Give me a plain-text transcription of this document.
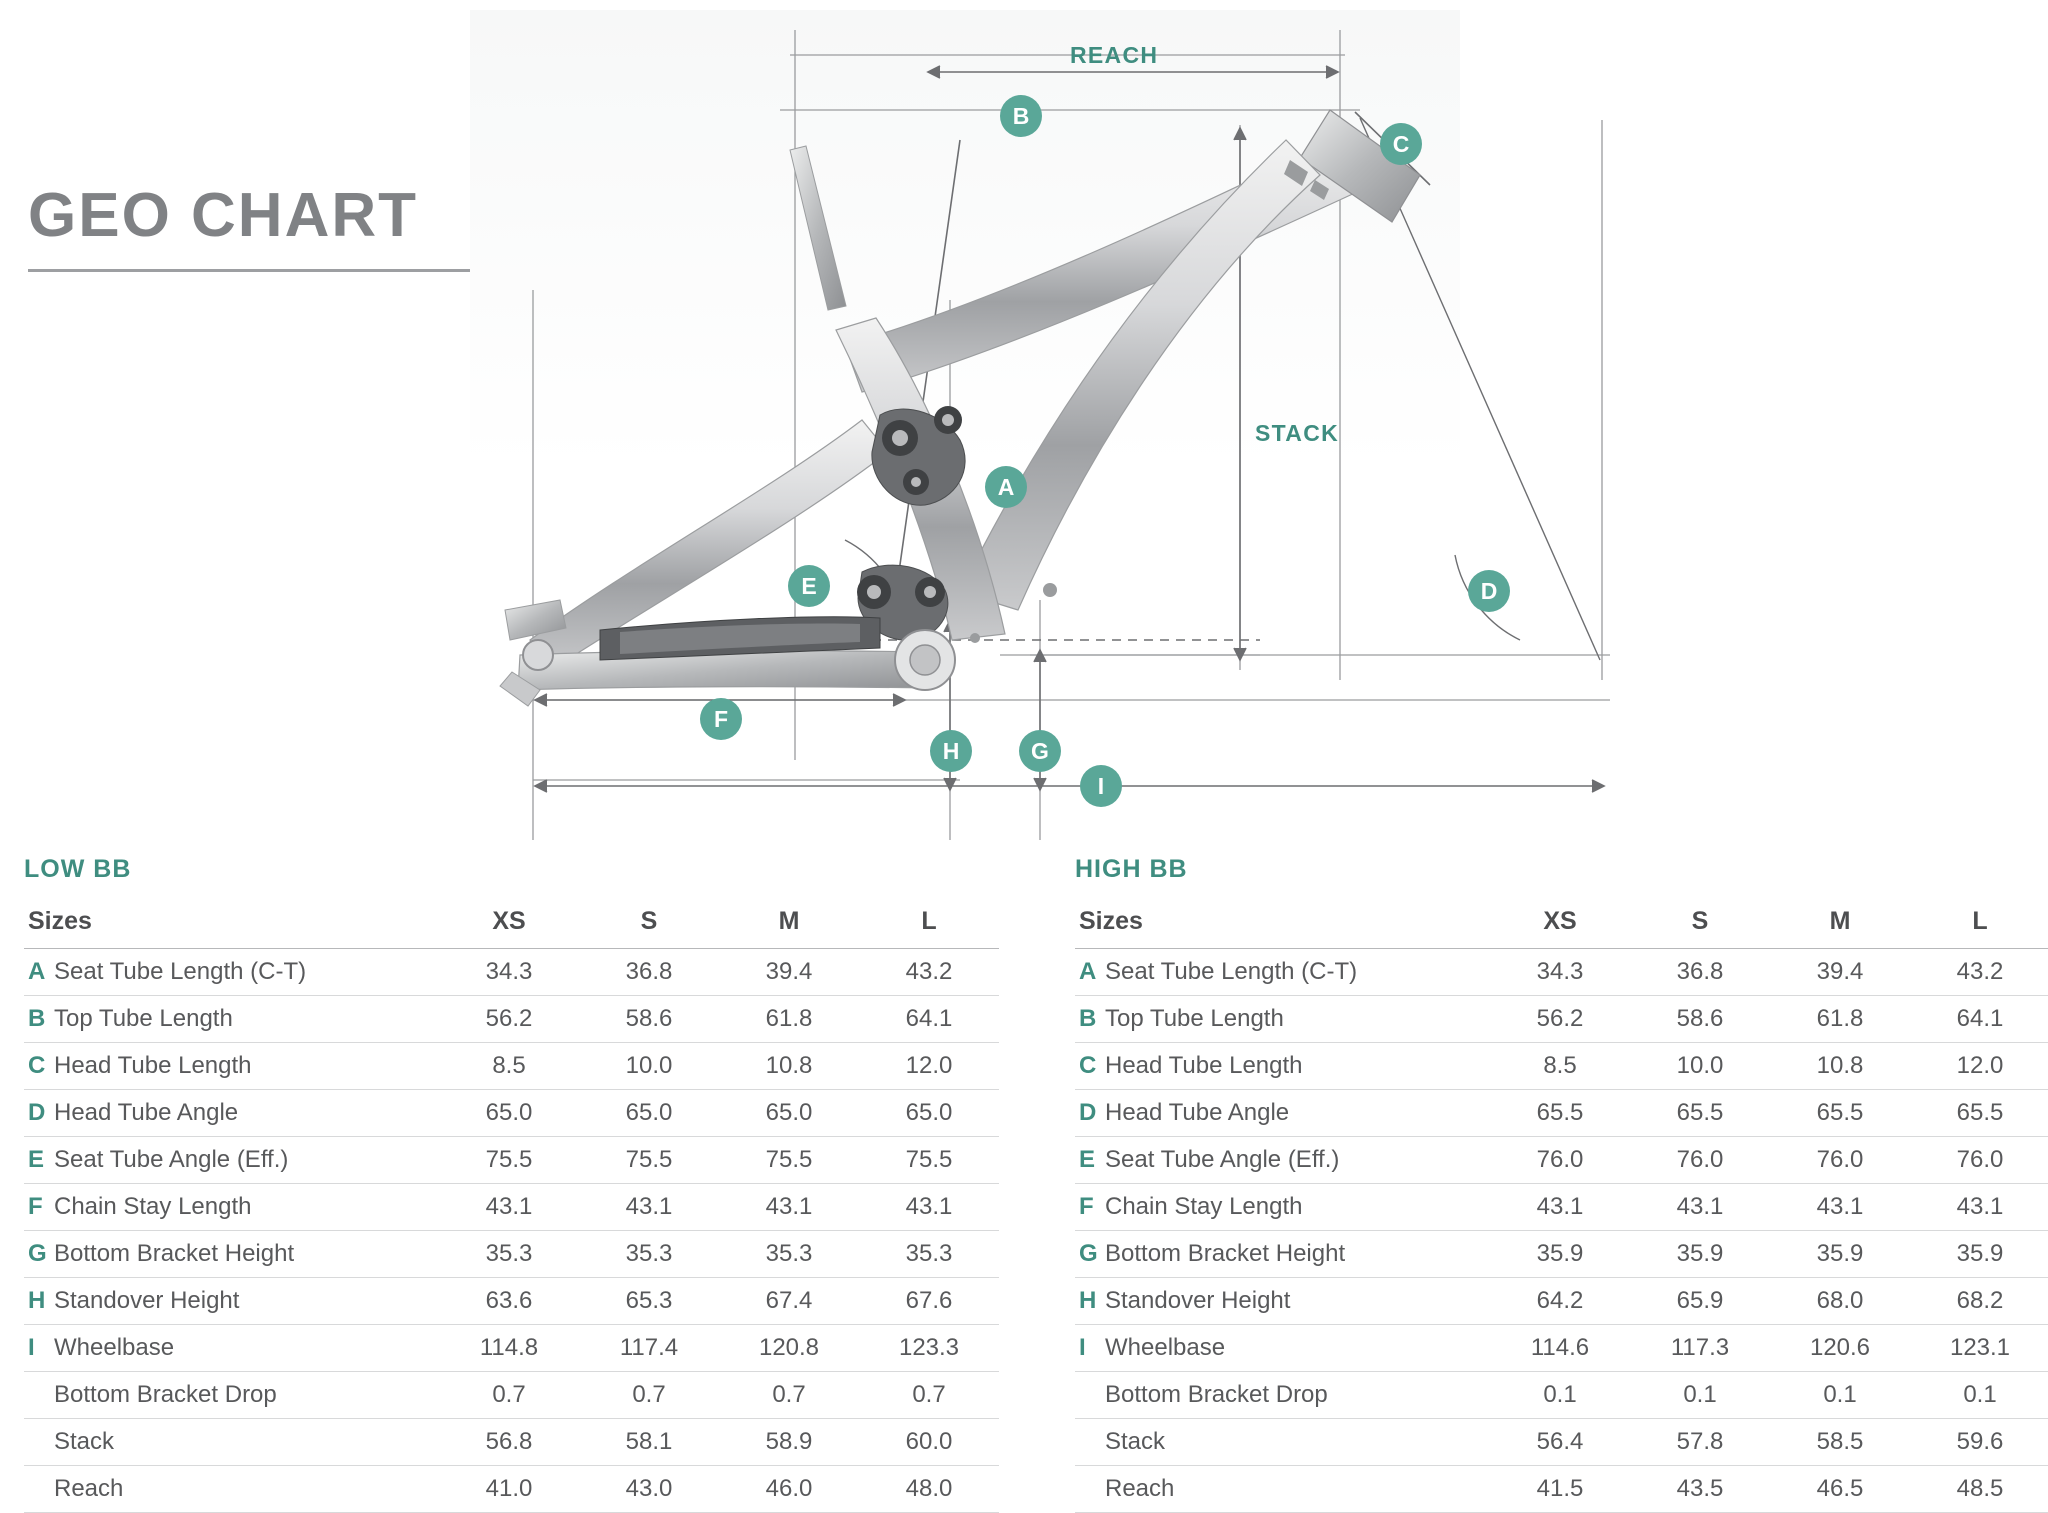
GEO CHART
REACH
STACK
B
C
A
D
E
F
G
H
I
LOW BB
Sizes	XS	S	M	L
A Seat Tube Length (C-T)	34.3	36.8	39.4	43.2
B Top Tube Length	56.2	58.6	61.8	64.1
C Head Tube Length	8.5	10.0	10.8	12.0
D Head Tube Angle	65.0	65.0	65.0	65.0
E Seat Tube Angle (Eff.)	75.5	75.5	75.5	75.5
F Chain Stay Length	43.1	43.1	43.1	43.1
G Bottom Bracket Height	35.3	35.3	35.3	35.3
H Standover Height	63.6	65.3	67.4	67.6
I Wheelbase	114.8	117.4	120.8	123.3
Bottom Bracket Drop	0.7	0.7	0.7	0.7
Stack	56.8	58.1	58.9	60.0
Reach	41.0	43.0	46.0	48.0
HIGH BB
Sizes	XS	S	M	L
A Seat Tube Length (C-T)	34.3	36.8	39.4	43.2
B Top Tube Length	56.2	58.6	61.8	64.1
C Head Tube Length	8.5	10.0	10.8	12.0
D Head Tube Angle	65.5	65.5	65.5	65.5
E Seat Tube Angle (Eff.)	76.0	76.0	76.0	76.0
F Chain Stay Length	43.1	43.1	43.1	43.1
G Bottom Bracket Height	35.9	35.9	35.9	35.9
H Standover Height	64.2	65.9	68.0	68.2
I Wheelbase	114.6	117.3	120.6	123.1
Bottom Bracket Drop	0.1	0.1	0.1	0.1
Stack	56.4	57.8	58.5	59.6
Reach	41.5	43.5	46.5	48.5
